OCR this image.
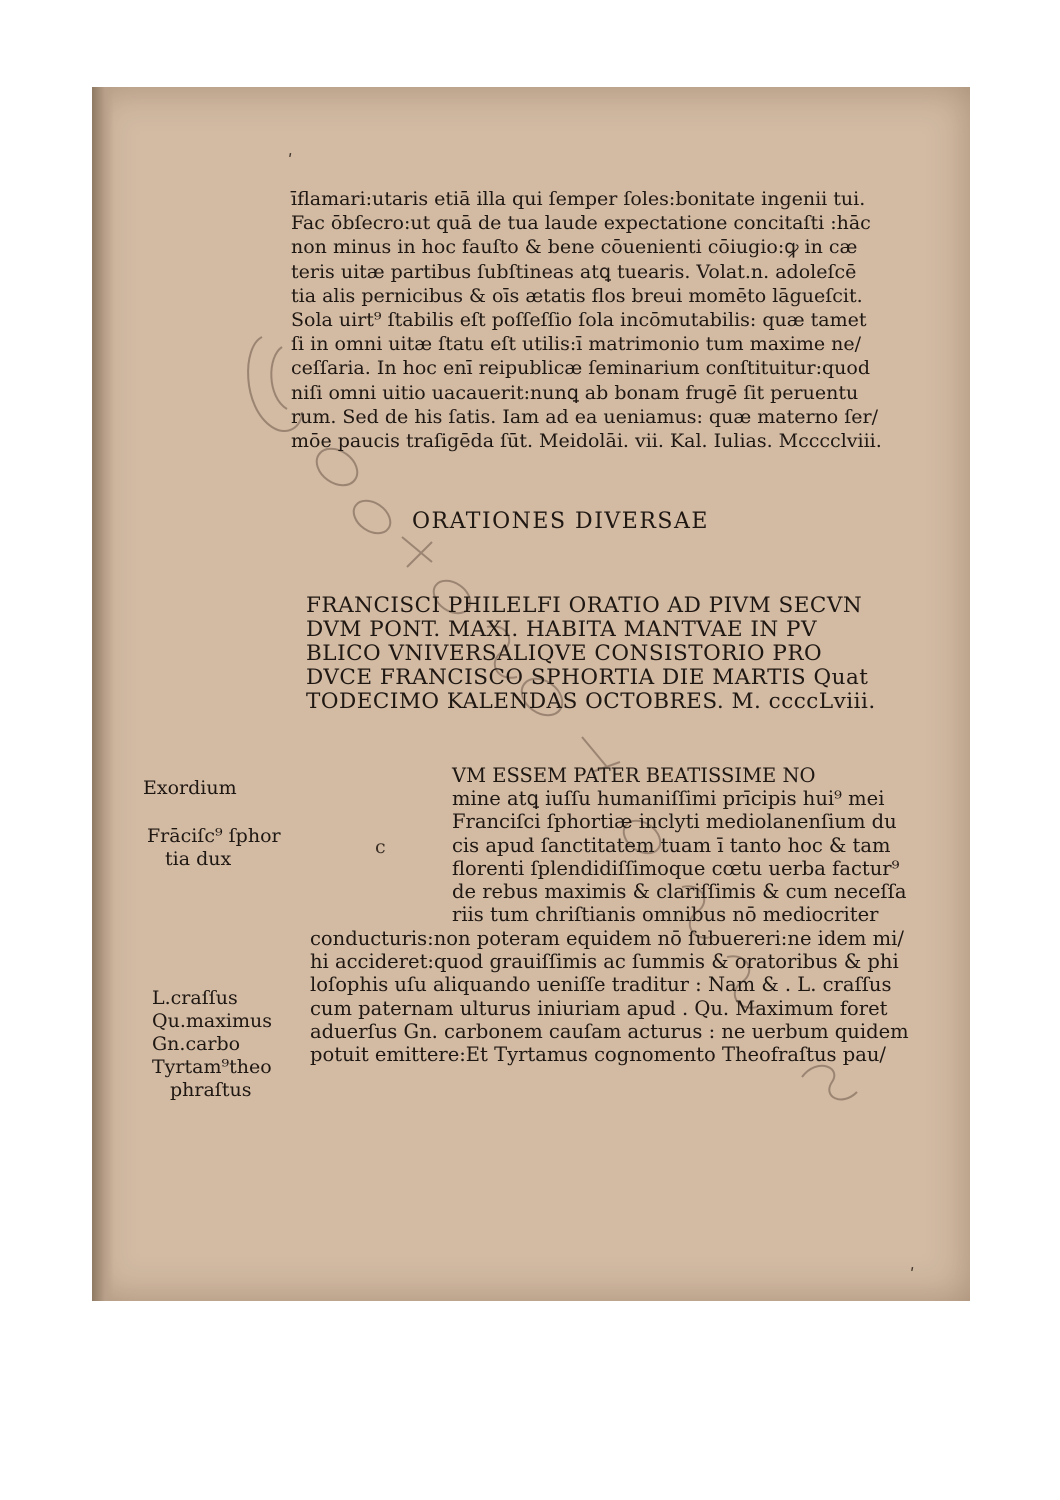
ʹ
ʹ
c
īflamari:utaris etiā illa qui ſemper ſoles:bonitate ingenii tui.
Fac ōbſecro:ut quā de tua laude expectatione concitaſti :hāc
non minus in hoc fauſto & bene cōuenienti cōiugio:ꝙ in cæ
teris uitæ partibus ſubſtineas atꝗ tuearis. Volat.n. adoleſcē
tia alis pernicibus & oīs ætatis flos breui momēto lāgueſcit.
Sola uirt⁹ ſtabilis eſt poſſeſſio ſola incōmutabilis: quæ tamet
ſi in omni uitæ ſtatu eſt utilis:ī matrimonio tum maxime ne/
ceſſaria. In hoc enī reipublicæ ſeminarium conſtituitur:quod
niſi omni uitio uacauerit:nunꝗ ab bonam frugē ſit peruentu
rum. Sed de his ſatis. Iam ad ea ueniamus: quæ materno ſer/
mōe paucis traſigēda ſūt. Meidolāi. vii. Kal. Iulias. Mcccclviii.
ORATIONES DIVERSAE
FRANCISCI PHILELFI ORATIO AD PIVM SECVN
DVM PONT. MAXI. HABITA MANTVAE IN PV
BLICO VNIVERSALIQVE CONSISTORIO PRO
DVCE FRANCISCO SPHORTIA DIE MARTIS Quat
TODECIMO KALENDAS OCTOBRES. M. ccccLviii.
VM ESSEM PATER BEATISSIME NO
mine atꝗ iuſſu humaniſſimi prīcipis hui⁹ mei
Franciſci ſphortiæ inclyti mediolanenſium du
cis apud ſanctitatem tuam ī tanto hoc & tam
florenti ſplendidiſſimoque cœtu uerba factur⁹
de rebus maximis & clariſſimis & cum neceſſa
riis tum chriſtianis omnibus nō mediocriter
conducturis:non poteram equidem nō ſubuereri:ne idem mi/
hi accideret:quod grauiſſimis ac ſummis & oratoribus & phi
loſophis uſu aliquando ueniſſe traditur : Nam & . L. craſſus
cum paternam ulturus iniuriam apud . Qu. Maximum foret
aduerſus Gn. carbonem cauſam acturus : ne uerbum quidem
potuit emittere:Et Tyrtamus cognomento Theofraſtus pau/
Exordium
Frāciſc⁹ ſphor
tia dux
L.craſſus
Qu.maximus
Gn.carbo
Tyrtam⁹theo
phraſtus
